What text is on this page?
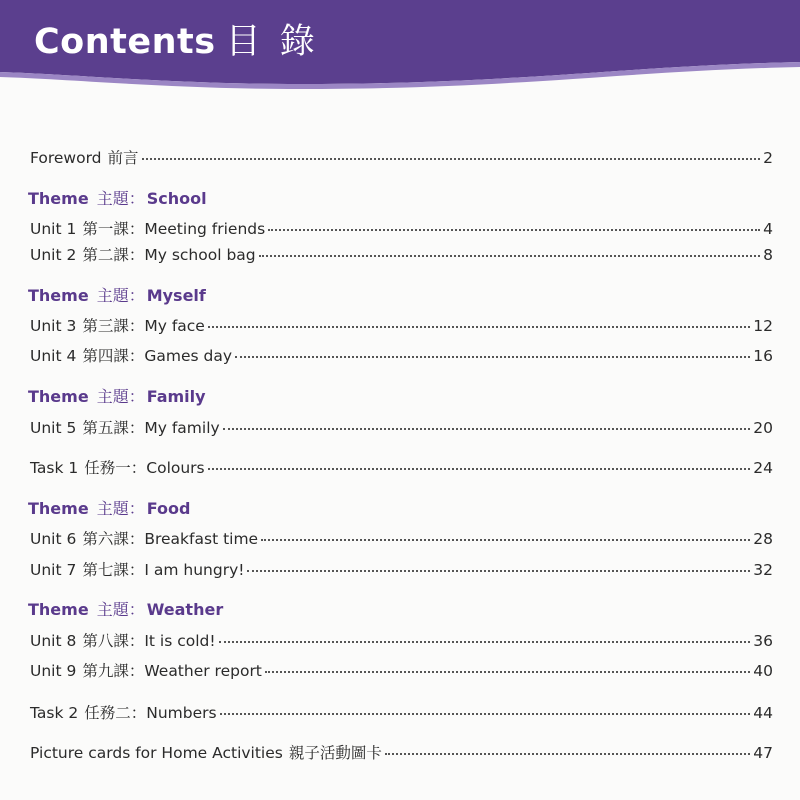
Contents 目 錄
Foreword 前言	2
Theme 主題： School
Unit 1 第一課： Meeting friends	4
Unit 2 第二課： My school bag	8
Theme 主題： Myself
Unit 3 第三課： My face	12
Unit 4 第四課： Games day	16
Theme 主題： Family
Unit 5 第五課： My family	20
Task 1 任務一： Colours	24
Theme 主題： Food
Unit 6 第六課： Breakfast time	28
Unit 7 第七課： I am hungry!	32
Theme 主題： Weather
Unit 8 第八課： It is cold!	36
Unit 9 第九課： Weather report	40
Task 2 任務二： Numbers	44
Picture cards for Home Activities 親子活動圖卡	47
